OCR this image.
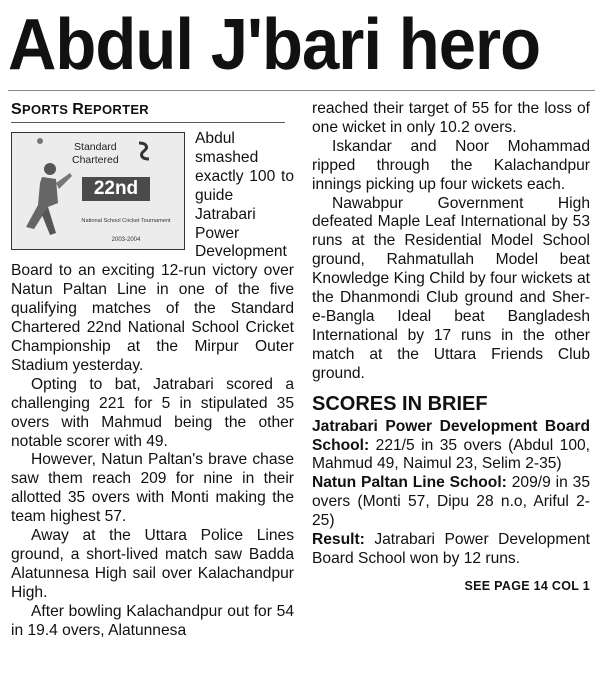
Abdul J'bari hero
SPORTS REPORTER
Standard
Chartered
22nd
National School Cricket Tournament
2003-2004

Abdul smashed exactly 100 to guide Jatrabari Power Development Board to an exciting 12-run victory over Natun Paltan Line in one of the five qualifying matches of the Standard Chartered 22nd National School Cricket Championship at the Mirpur Outer Stadium yesterday.

Opting to bat, Jatrabari scored a challenging 221 for 5 in stipulated 35 overs with Mahmud being the other notable scorer with 49.

However, Natun Paltan's brave chase saw them reach 209 for nine in their allotted 35 overs with Monti making the team highest 57.

Away at the Uttara Police Lines ground, a short-lived match saw Badda Alatunnesa High sail over Kalachandpur High.

After bowling Kalachandpur out for 54 in 19.4 overs, Alatunnesa

reached their target of 55 for the loss of one wicket in only 10.2 overs.

Iskandar and Noor Mohammad ripped through the Kalachandpur innings picking up four wickets each.

Nawabpur Government High defeated Maple Leaf International by 53 runs at the Residential Model School ground, Rahmatullah Model beat Knowledge King Child by four wickets at the Dhanmondi Club ground and Sher-e-Bangla Ideal beat Bangladesh International by 17 runs in the other match at the Uttara Friends Club ground.

SCORES IN BRIEF

Jatrabari Power Development Board School: 221/5 in 35 overs (Abdul 100, Mahmud 49, Naimul 23, Selim 2-35)

Natun Paltan Line School: 209/9 in 35 overs (Monti 57, Dipu 28 n.o, Ariful 2-25)

Result: Jatrabari Power Development Board School won by 12 runs.

SEE PAGE 14 COL 1
